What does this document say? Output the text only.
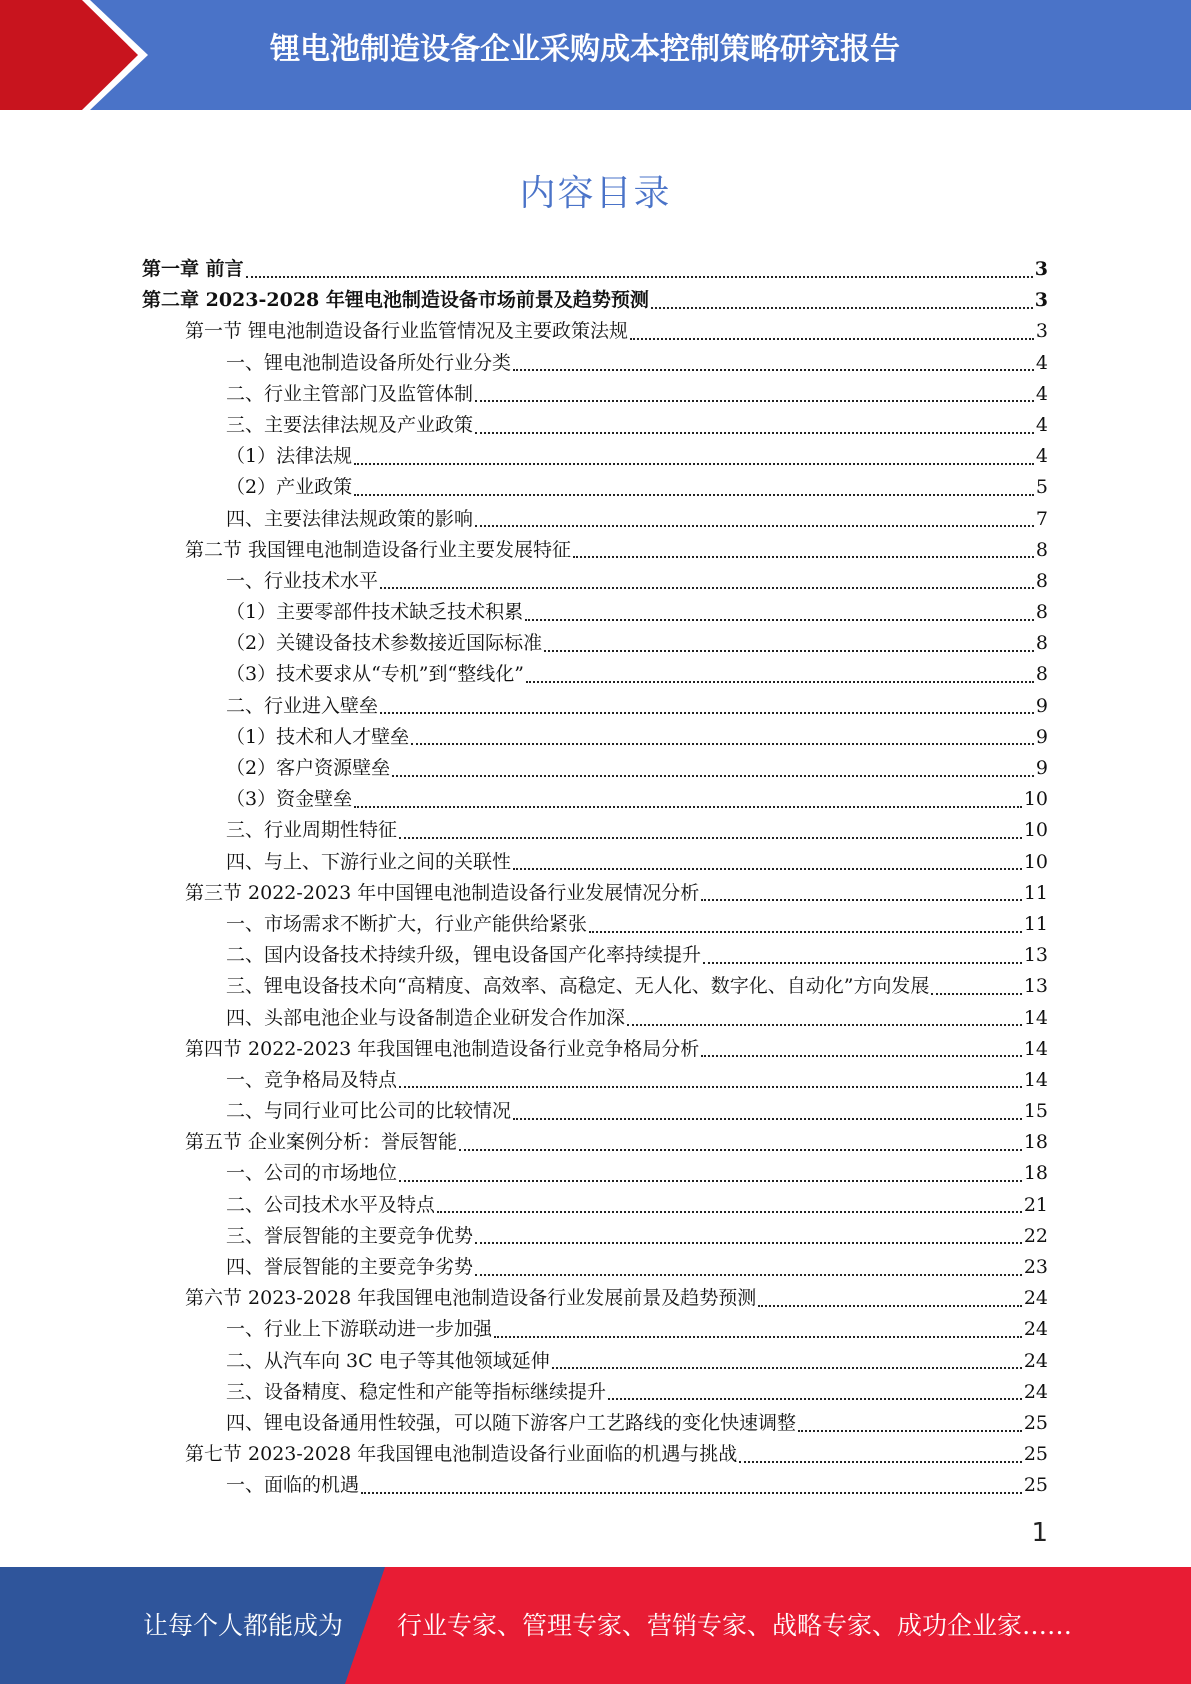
锂电池制造设备企业采购成本控制策略研究报告
内容目录
第一章 前言	3
第二章 2023-2028 年锂电池制造设备市场前景及趋势预测	3
第一节 锂电池制造设备行业监管情况及主要政策法规	3
一、锂电池制造设备所处行业分类	4
二、行业主管部门及监管体制	4
三、主要法律法规及产业政策	4
（1）法律法规	4
（2）产业政策	5
四、主要法律法规政策的影响	7
第二节 我国锂电池制造设备行业主要发展特征	8
一、行业技术水平	8
（1）主要零部件技术缺乏技术积累	8
（2）关键设备技术参数接近国际标准	8
（3）技术要求从“专机”到“整线化”	8
二、行业进入壁垒	9
（1）技术和人才壁垒	9
（2）客户资源壁垒	9
（3）资金壁垒	10
三、行业周期性特征	10
四、与上、下游行业之间的关联性	10
第三节 2022-2023 年中国锂电池制造设备行业发展情况分析	11
一、市场需求不断扩大，行业产能供给紧张	11
二、国内设备技术持续升级，锂电设备国产化率持续提升	13
三、锂电设备技术向“高精度、高效率、高稳定、无人化、数字化、自动化”方向发展	13
四、头部电池企业与设备制造企业研发合作加深	14
第四节 2022-2023 年我国锂电池制造设备行业竞争格局分析	14
一、竞争格局及特点	14
二、与同行业可比公司的比较情况	15
第五节 企业案例分析：誉辰智能	18
一、公司的市场地位	18
二、公司技术水平及特点	21
三、誉辰智能的主要竞争优势	22
四、誉辰智能的主要竞争劣势	23
第六节 2023-2028 年我国锂电池制造设备行业发展前景及趋势预测	24
一、行业上下游联动进一步加强	24
二、从汽车向 3C 电子等其他领域延伸	24
三、设备精度、稳定性和产能等指标继续提升	24
四、锂电设备通用性较强，可以随下游客户工艺路线的变化快速调整	25
第七节 2023-2028 年我国锂电池制造设备行业面临的机遇与挑战	25
一、面临的机遇	25
1
让每个人都能成为 行业专家、管理专家、营销专家、战略专家、成功企业家……
